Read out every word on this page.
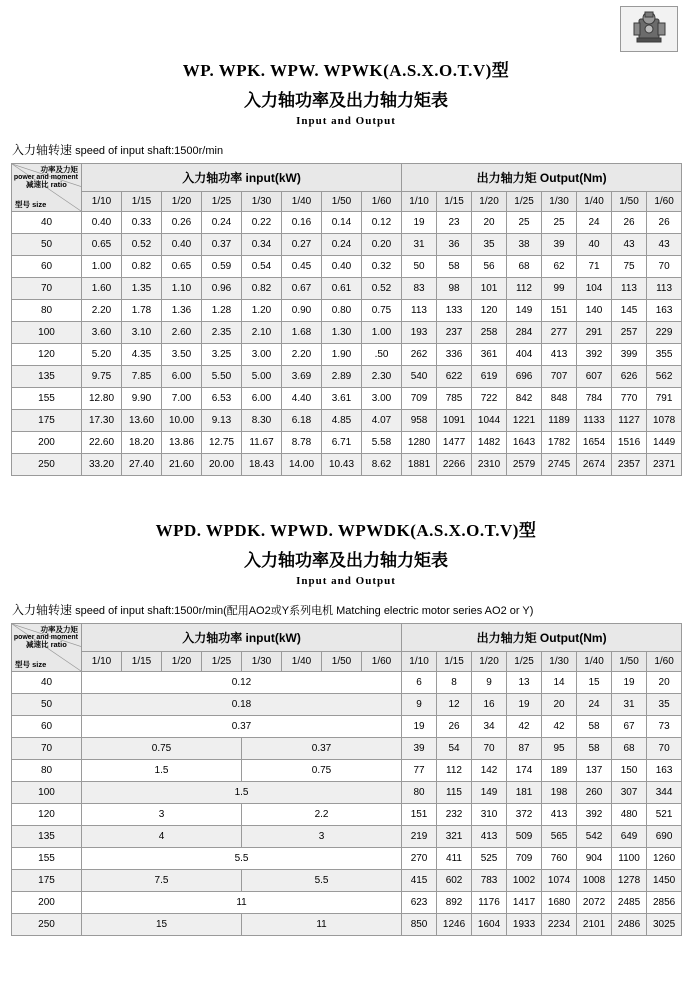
WP. WPK. WPW. WPWK(A.S.X.O.T.V)型
入力轴功率及出力轴力矩表
Input and Output
入力轴转速 speed of input shaft:1500r/min
功率及力矩
power and moment
减速比 ratio
型号 size	入力轴功率 input(kW)								出力轴力矩 Output(Nm)							
	1/10	1/15	1/20	1/25	1/30	1/40	1/50	1/60	1/10	1/15	1/20	1/25	1/30	1/40	1/50	1/60
40	0.40	0.33	0.26	0.24	0.22	0.16	0.14	0.12	19	23	20	25	25	24	26	26
50	0.65	0.52	0.40	0.37	0.34	0.27	0.24	0.20	31	36	35	38	39	40	43	43
60	1.00	0.82	0.65	0.59	0.54	0.45	0.40	0.32	50	58	56	68	62	71	75	70
70	1.60	1.35	1.10	0.96	0.82	0.67	0.61	0.52	83	98	101	112	99	104	113	113
80	2.20	1.78	1.36	1.28	1.20	0.90	0.80	0.75	113	133	120	149	151	140	145	163
100	3.60	3.10	2.60	2.35	2.10	1.68	1.30	1.00	193	237	258	284	277	291	257	229
120	5.20	4.35	3.50	3.25	3.00	2.20	1.90	.50	262	336	361	404	413	392	399	355
135	9.75	7.85	6.00	5.50	5.00	3.69	2.89	2.30	540	622	619	696	707	607	626	562
155	12.80	9.90	7.00	6.53	6.00	4.40	3.61	3.00	709	785	722	842	848	784	770	791
175	17.30	13.60	10.00	9.13	8.30	6.18	4.85	4.07	958	1091	1044	1221	1189	1133	1127	1078
200	22.60	18.20	13.86	12.75	11.67	8.78	6.71	5.58	1280	1477	1482	1643	1782	1654	1516	1449
250	33.20	27.40	21.60	20.00	18.43	14.00	10.43	8.62	1881	2266	2310	2579	2745	2674	2357	2371
WPD. WPDK. WPWD. WPWDK(A.S.X.O.T.V)型
入力轴功率及出力轴力矩表
Input and Output
入力轴转速 speed of input shaft:1500r/min(配用AO2或Y系列电机 Matching electric motor series AO2 or Y)
功率及力矩
power and moment
减速比 ratio
型号 size	入力轴功率 input(kW)								出力轴力矩 Output(Nm)							
	1/10	1/15	1/20	1/25	1/30	1/40	1/50	1/60	1/10	1/15	1/20	1/25	1/30	1/40	1/50	1/60
40	0.12								6	8	9	13	14	15	19	20
50	0.18								9	12	16	19	20	24	31	35
60	0.37								19	26	34	42	42	58	67	73
70	0.75				0.37				39	54	70	87	95	58	68	70
80	1.5				0.75				77	112	142	174	189	137	150	163
100	1.5								80	115	149	181	198	260	307	344
120	3				2.2				151	232	310	372	413	392	480	521
135	4				3				219	321	413	509	565	542	649	690
155	5.5								270	411	525	709	760	904	1100	1260
175	7.5				5.5				415	602	783	1002	1074	1008	1278	1450
200	11								623	892	1176	1417	1680	2072	2485	2856
250	15				11				850	1246	1604	1933	2234	2101	2486	3025
